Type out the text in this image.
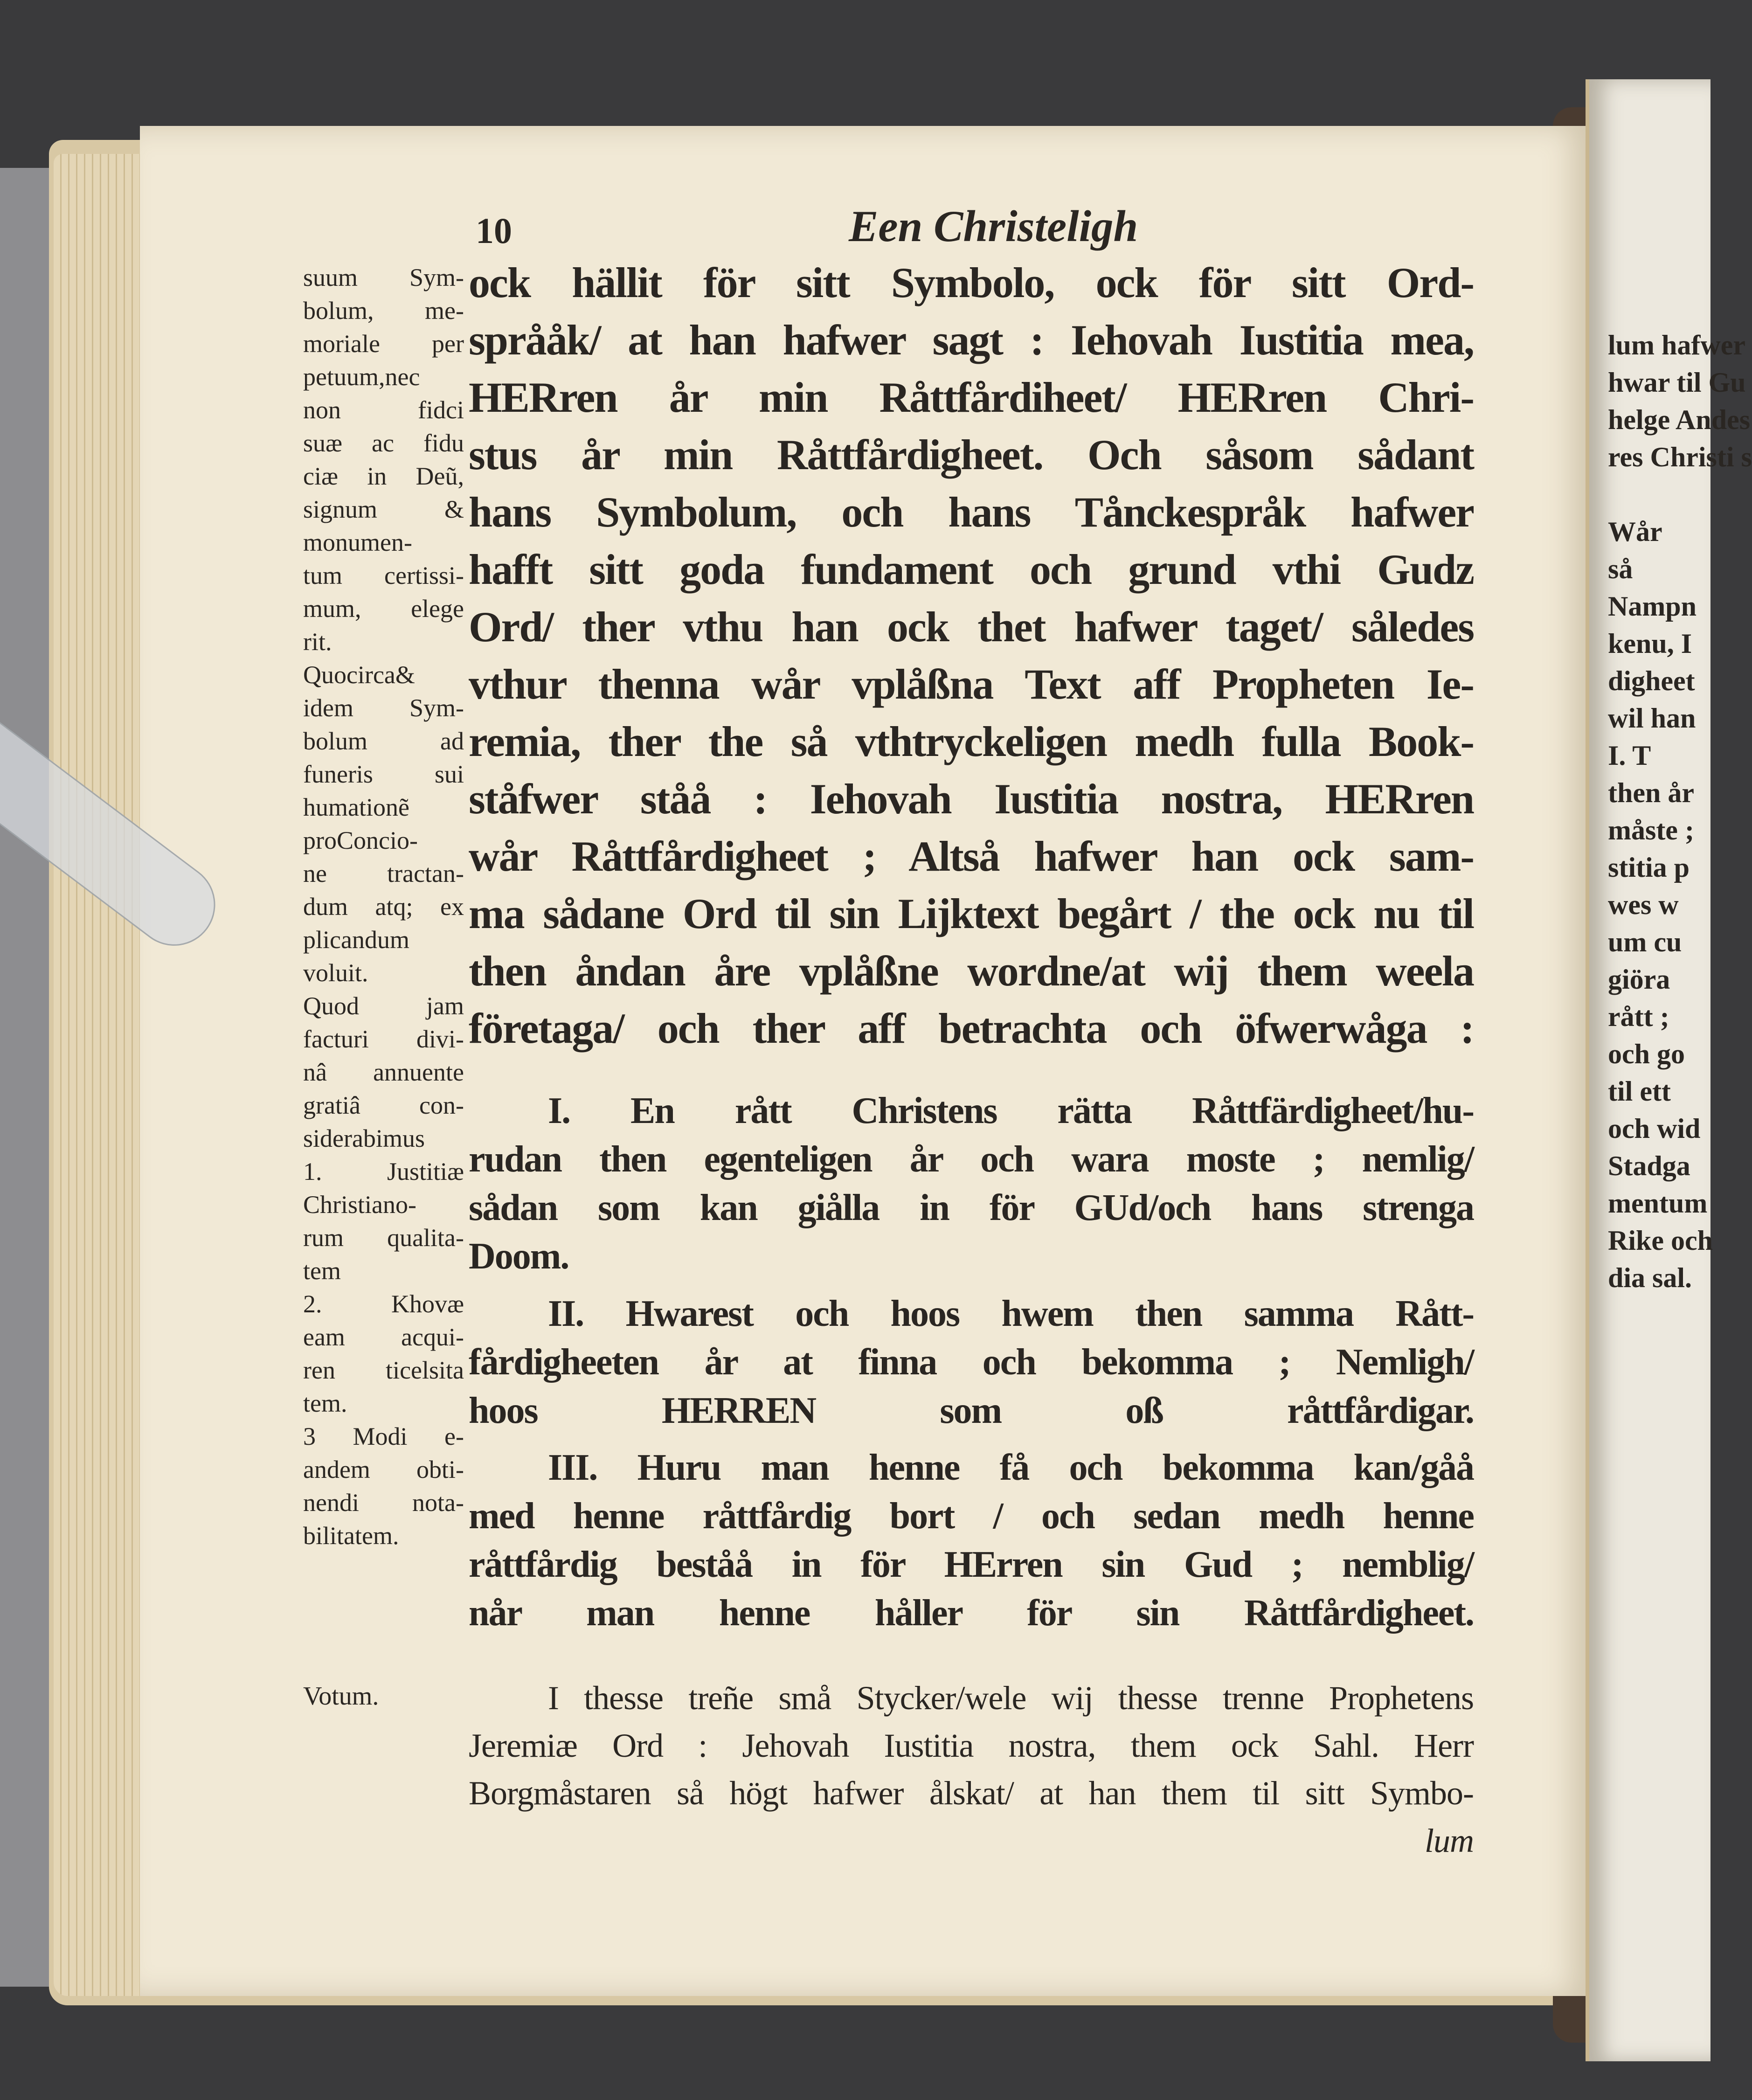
10	Een Christeligh
suum Sym-
bolum, me-
moriale per
petuum,nec
non fidci
suæ ac fidu
ciæ in Deũ,
signum &
monumen-
tum certissi-
mum, elege
rit.
Quocirca&
idem Sym-
bolum ad
funeris sui
humationẽ
proConcio-
ne tractan-
dum atq; ex
plicandum
voluit.
Quod jam
facturi divi-
nâ annuente
gratiâ con-
siderabimus
1. Justitiæ
Christiano-
rum qualita-
tem
2. Khovæ
eam acqui-
ren ticelsita
tem.
3 Modi e-
andem obti-
nendi nota-
bilitatem.
Votum.
ock hällit för sitt Symbolo, ock för sitt Ord-
språåk/ at han hafwer sagt : Iehovah Iustitia mea,
HERren år min Råttfårdiheet/ HERren Chri-
stus år min Råttfårdigheet. Och såsom sådant
hans Symbolum, och hans Tånckespråk hafwer
hafft sitt goda fundament och grund vthi Gudz
Ord/ ther vthu han ock thet hafwer taget/ således
vthur thenna wår vplåßna Text aff Propheten Ie-
remia, ther the så vthtryckeligen medh fulla Book-
ståfwer ståå : Iehovah Iustitia nostra, HERren
wår Råttfårdigheet ; Altså hafwer han ock sam-
ma sådane Ord til sin Lijktext begårt / the ock nu til
then åndan åre vplåßne wordne/at wij them weela
företaga/ och ther aff betrachta och öfwerwåga :
I. En rått Christens rätta Råttfärdigheet/hu-
rudan then egenteligen år och wara moste ; nemlig/
sådan som kan giålla in för GUd/och hans strenga
Doom.
II. Hwarest och hoos hwem then samma Rått-
fårdigheeten år at finna och bekomma ; Nemligh/
hoos HERREN som oß råttfårdigar.
III. Huru man henne få och bekomma kan/gåå
med henne råttfårdig bort / och sedan medh henne
råttfårdig beståå in för HErren sin Gud ; nemblig/
når man henne håller för sin Råttfårdigheet.
I thesse treñe små Stycker/wele wij thesse trenne Prophetens
Jeremiæ Ord : Jehovah Iustitia nostra, them ock Sahl. Herr
Borgmåstaren så högt hafwer ålskat/ at han them til sitt Symbo-
lum
lum hafwer
hwar til Gu
helge Andes
res Christi s
Wår
så
Nampn
kenu, I
digheet
wil han
I. T
then år
måste ;
stitia p
wes w
um cu
giöra
rått ;
och go
til ett
och wid
Stadga
mentum
Rike och
dia sal.
